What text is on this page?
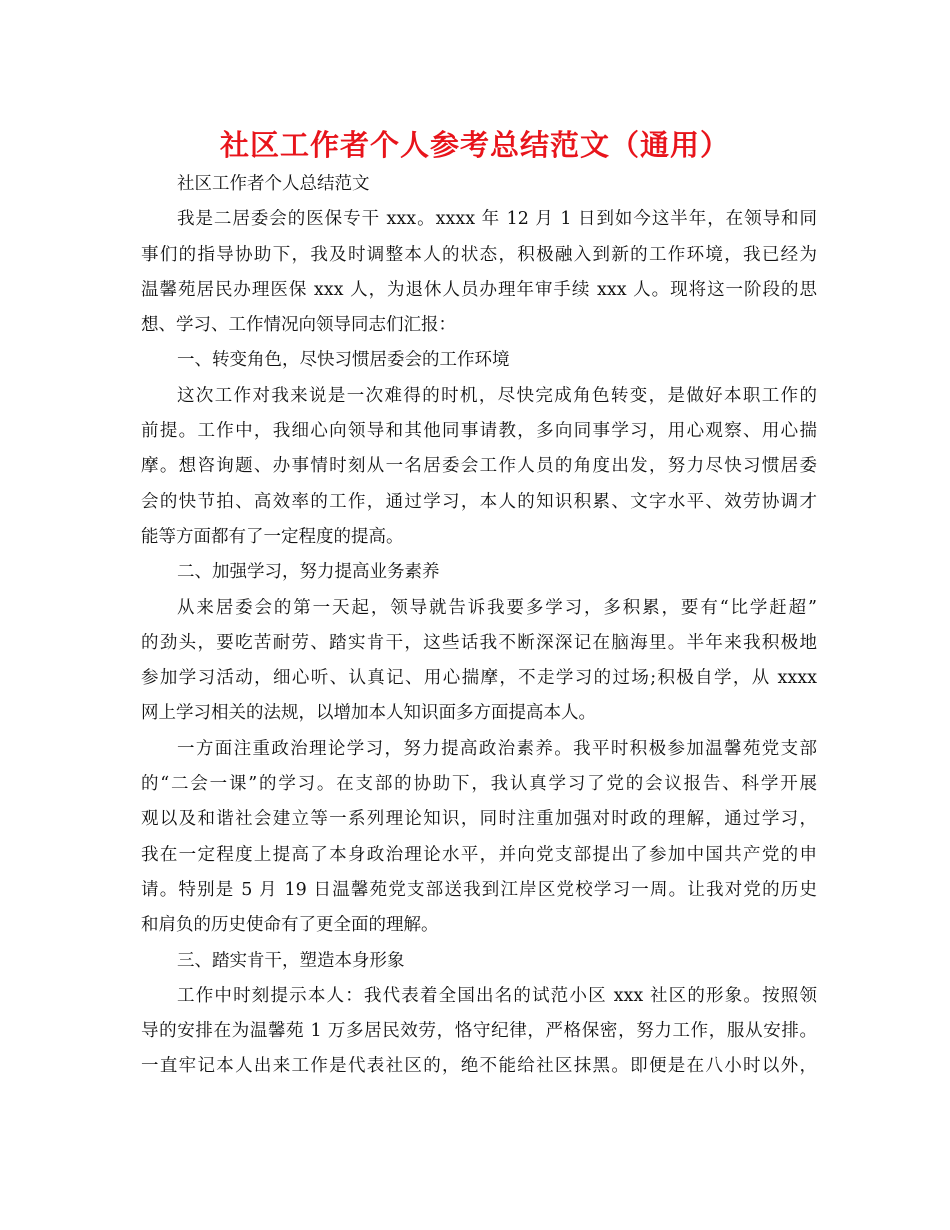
社区工作者个人参考总结范文（通用）
社区工作者个人总结范文
我是二居委会的医保专干 xxx。xxxx 年 12 月 1 日到如今这半年，在领导和同
事们的指导协助下，我及时调整本人的状态，积极融入到新的工作环境，我已经为
温馨苑居民办理医保 xxx 人，为退休人员办理年审手续 xxx 人。现将这一阶段的思
想、学习、工作情况向领导同志们汇报：
一、转变角色，尽快习惯居委会的工作环境
这次工作对我来说是一次难得的时机，尽快完成角色转变，是做好本职工作的
前提。工作中，我细心向领导和其他同事请教，多向同事学习，用心观察、用心揣
摩。想咨询题、办事情时刻从一名居委会工作人员的角度出发，努力尽快习惯居委
会的快节拍、高效率的工作，通过学习，本人的知识积累、文字水平、效劳协调才
能等方面都有了一定程度的提高。
二、加强学习，努力提高业务素养
从来居委会的第一天起，领导就告诉我要多学习，多积累，要有“比学赶超”
的劲头，要吃苦耐劳、踏实肯干，这些话我不断深深记在脑海里。半年来我积极地
参加学习活动，细心听、认真记、用心揣摩，不走学习的过场;积极自学，从 xxxx
网上学习相关的法规，以增加本人知识面多方面提高本人。
一方面注重政治理论学习，努力提高政治素养。我平时积极参加温馨苑党支部
的“二会一课”的学习。在支部的协助下，我认真学习了党的会议报告、科学开展
观以及和谐社会建立等一系列理论知识，同时注重加强对时政的理解，通过学习，
我在一定程度上提高了本身政治理论水平，并向党支部提出了参加中国共产党的申
请。特别是 5 月 19 日温馨苑党支部送我到江岸区党校学习一周。让我对党的历史
和肩负的历史使命有了更全面的理解。
三、踏实肯干，塑造本身形象
工作中时刻提示本人：我代表着全国出名的试范小区 xxx 社区的形象。按照领
导的安排在为温馨苑 1 万多居民效劳，恪守纪律，严格保密，努力工作，服从安排。
一直牢记本人出来工作是代表社区的，绝不能给社区抹黑。即便是在八小时以外，
